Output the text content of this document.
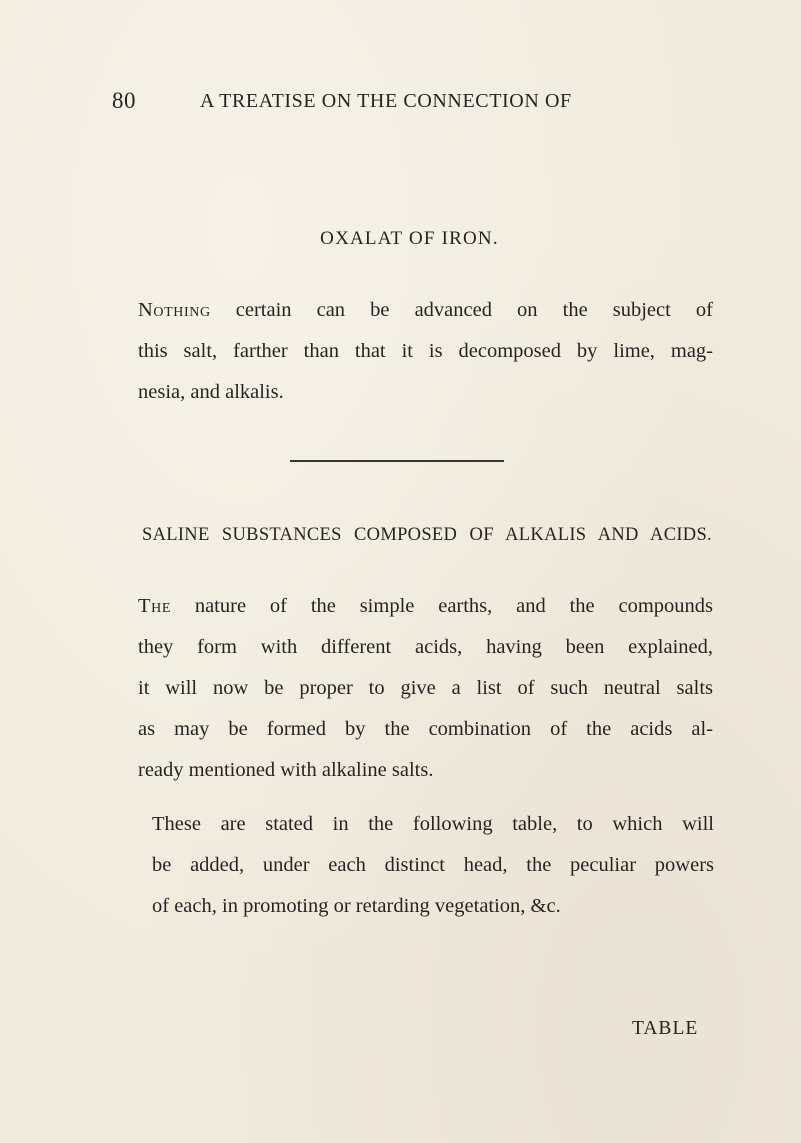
80	A TREATISE ON THE CONNECTION OF
OXALAT OF IRON.
Nothing certain can be advanced on the subject of
this salt, farther than that it is decomposed by lime, mag-
nesia, and alkalis.
SALINE SUBSTANCES COMPOSED OF ALKALIS AND ACIDS.
The nature of the simple earths, and the compounds
they form with different acids, having been explained,
it will now be proper to give a list of such neutral salts
as may be formed by the combination of the acids al-
ready mentioned with alkaline salts.
These are stated in the following table, to which will
be added, under each distinct head, the peculiar powers
of each, in promoting or retarding vegetation, &c.
TABLE
